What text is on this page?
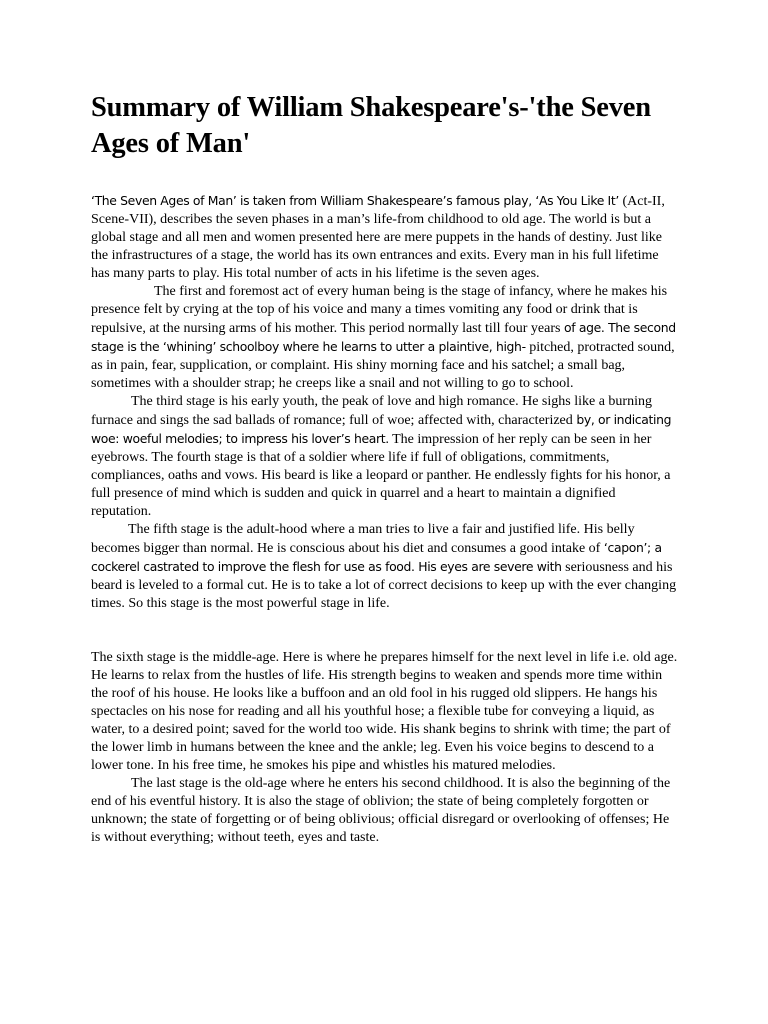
Summary of William Shakespeare's-'the Seven Ages of Man'

‘The Seven Ages of Man’ is taken from William Shakespeare’s famous play, ‘As You Like It’ (Act-II, Scene-VII), describes the seven phases in a man’s life-from childhood to old age. The world is but a global stage and all men and women presented here are mere puppets in the hands of destiny. Just like the infrastructures of a stage, the world has its own entrances and exits. Every man in his full lifetime has many parts to play. His total number of acts in his lifetime is the seven ages.

The first and foremost act of every human being is the stage of infancy, where he makes his presence felt by crying at the top of his voice and many a times vomiting any food or drink that is repulsive, at the nursing arms of his mother. This period normally last till four years of age. The second stage is the ‘whining’ schoolboy where he learns to utter a plaintive, high- pitched, protracted sound, as in pain, fear, supplication, or complaint. His shiny morning face and his satchel; a small bag, sometimes with a shoulder strap; he creeps like a snail and not willing to go to school.

The third stage is his early youth, the peak of love and high romance. He sighs like a burning furnace and sings the sad ballads of romance; full of woe; affected with, characterized by, or indicating woe: woeful melodies; to impress his lover’s heart. The impression of her reply can be seen in her eyebrows. The fourth stage is that of a soldier where life if full of obligations, commitments, compliances, oaths and vows. His beard is like a leopard or panther. He endlessly fights for his honor, a full presence of mind which is sudden and quick in quarrel and a heart to maintain a dignified reputation.

The fifth stage is the adult-hood where a man tries to live a fair and justified life. His belly becomes bigger than normal. He is conscious about his diet and consumes a good intake of ‘capon’; a cockerel castrated to improve the flesh for use as food. His eyes are severe with seriousness and his beard is leveled to a formal cut. He is to take a lot of correct decisions to keep up with the ever changing times. So this stage is the most powerful stage in life.

The sixth stage is the middle-age. Here is where he prepares himself for the next level in life i.e. old age. He learns to relax from the hustles of life. His strength begins to weaken and spends more time within the roof of his house. He looks like a buffoon and an old fool in his rugged old slippers. He hangs his spectacles on his nose for reading and all his youthful hose; a flexible tube for conveying a liquid, as water, to a desired point; saved for the world too wide. His shank begins to shrink with time; the part of the lower limb in humans between the knee and the ankle; leg. Even his voice begins to descend to a lower tone. In his free time, he smokes his pipe and whistles his matured melodies.

The last stage is the old-age where he enters his second childhood. It is also the beginning of the end of his eventful history. It is also the stage of oblivion; the state of being completely forgotten or unknown; the state of forgetting or of being oblivious; official disregard or overlooking of offenses; He is without everything; without teeth, eyes and taste.
